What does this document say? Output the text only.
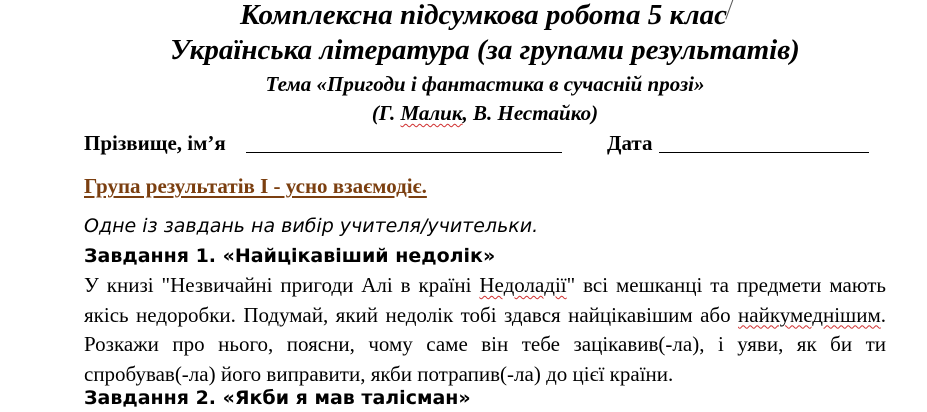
Комплексна підсумкова робота 5 клас
Українська література (за групами результатів)
Тема «Пригоди і фантастика в сучасній прозі»
(Г. Малик, В. Нестайко)
Прізвище, ім’я	Дата
Група результатів I - усно взаємодіє.
Одне із завдань на вибір учителя/учительки.
Завдання 1. «Найцікавіший недолік»
У книзі "Незвичайні пригоди Алі в країні Недоладії" всі мешканці та предмети мають якісь недоробки. Подумай, який недолік тобі здався найцікавішим або найкумеднішим. Розкажи про нього, поясни, чому саме він тебе зацікавив(-ла), і уяви, як би ти спробував(-ла) його виправити, якби потрапив(-ла) до цієї країни.
Завдання 2. «Якби я мав талісман»
